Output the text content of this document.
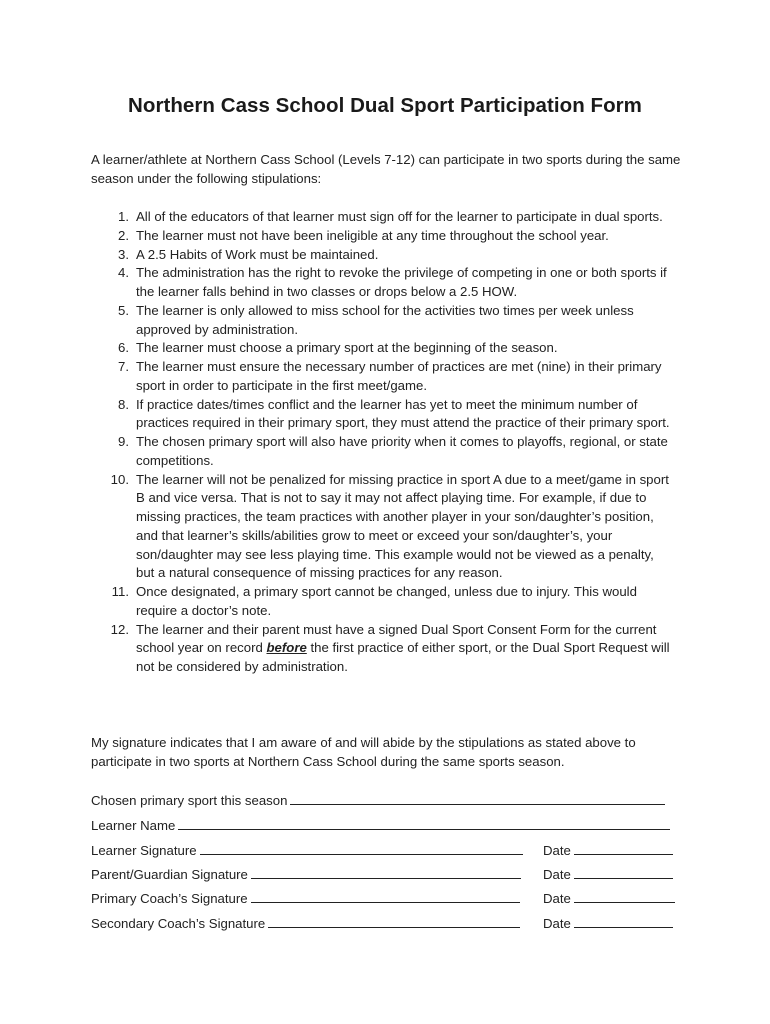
Northern Cass School Dual Sport Participation Form
A learner/athlete at Northern Cass School (Levels 7-12) can participate in two sports during the same season under the following stipulations:
1. All of the educators of that learner must sign off for the learner to participate in dual sports.
2. The learner must not have been ineligible at any time throughout the school year.
3. A 2.5 Habits of Work must be maintained.
4. The administration has the right to revoke the privilege of competing in one or both sports if the learner falls behind in two classes or drops below a 2.5 HOW.
5. The learner is only allowed to miss school for the activities two times per week unless approved by administration.
6. The learner must choose a primary sport at the beginning of the season.
7. The learner must ensure the necessary number of practices are met (nine) in their primary sport in order to participate in the first meet/game.
8. If practice dates/times conflict and the learner has yet to meet the minimum number of practices required in their primary sport, they must attend the practice of their primary sport.
9. The chosen primary sport will also have priority when it comes to playoffs, regional, or state competitions.
10. The learner will not be penalized for missing practice in sport A due to a meet/game in sport B and vice versa. That is not to say it may not affect playing time. For example, if due to missing practices, the team practices with another player in your son/daughter’s position, and that learner’s skills/abilities grow to meet or exceed your son/daughter’s, your son/daughter may see less playing time. This example would not be viewed as a penalty, but a natural consequence of missing practices for any reason.
11. Once designated, a primary sport cannot be changed, unless due to injury. This would require a doctor’s note.
12. The learner and their parent must have a signed Dual Sport Consent Form for the current school year on record before the first practice of either sport, or the Dual Sport Request will not be considered by administration.
My signature indicates that I am aware of and will abide by the stipulations as stated above to participate in two sports at Northern Cass School during the same sports season.
Chosen primary sport this season
Learner Name
Learner Signature	Date
Parent/Guardian Signature	Date
Primary Coach’s Signature	Date
Secondary Coach’s Signature	Date
